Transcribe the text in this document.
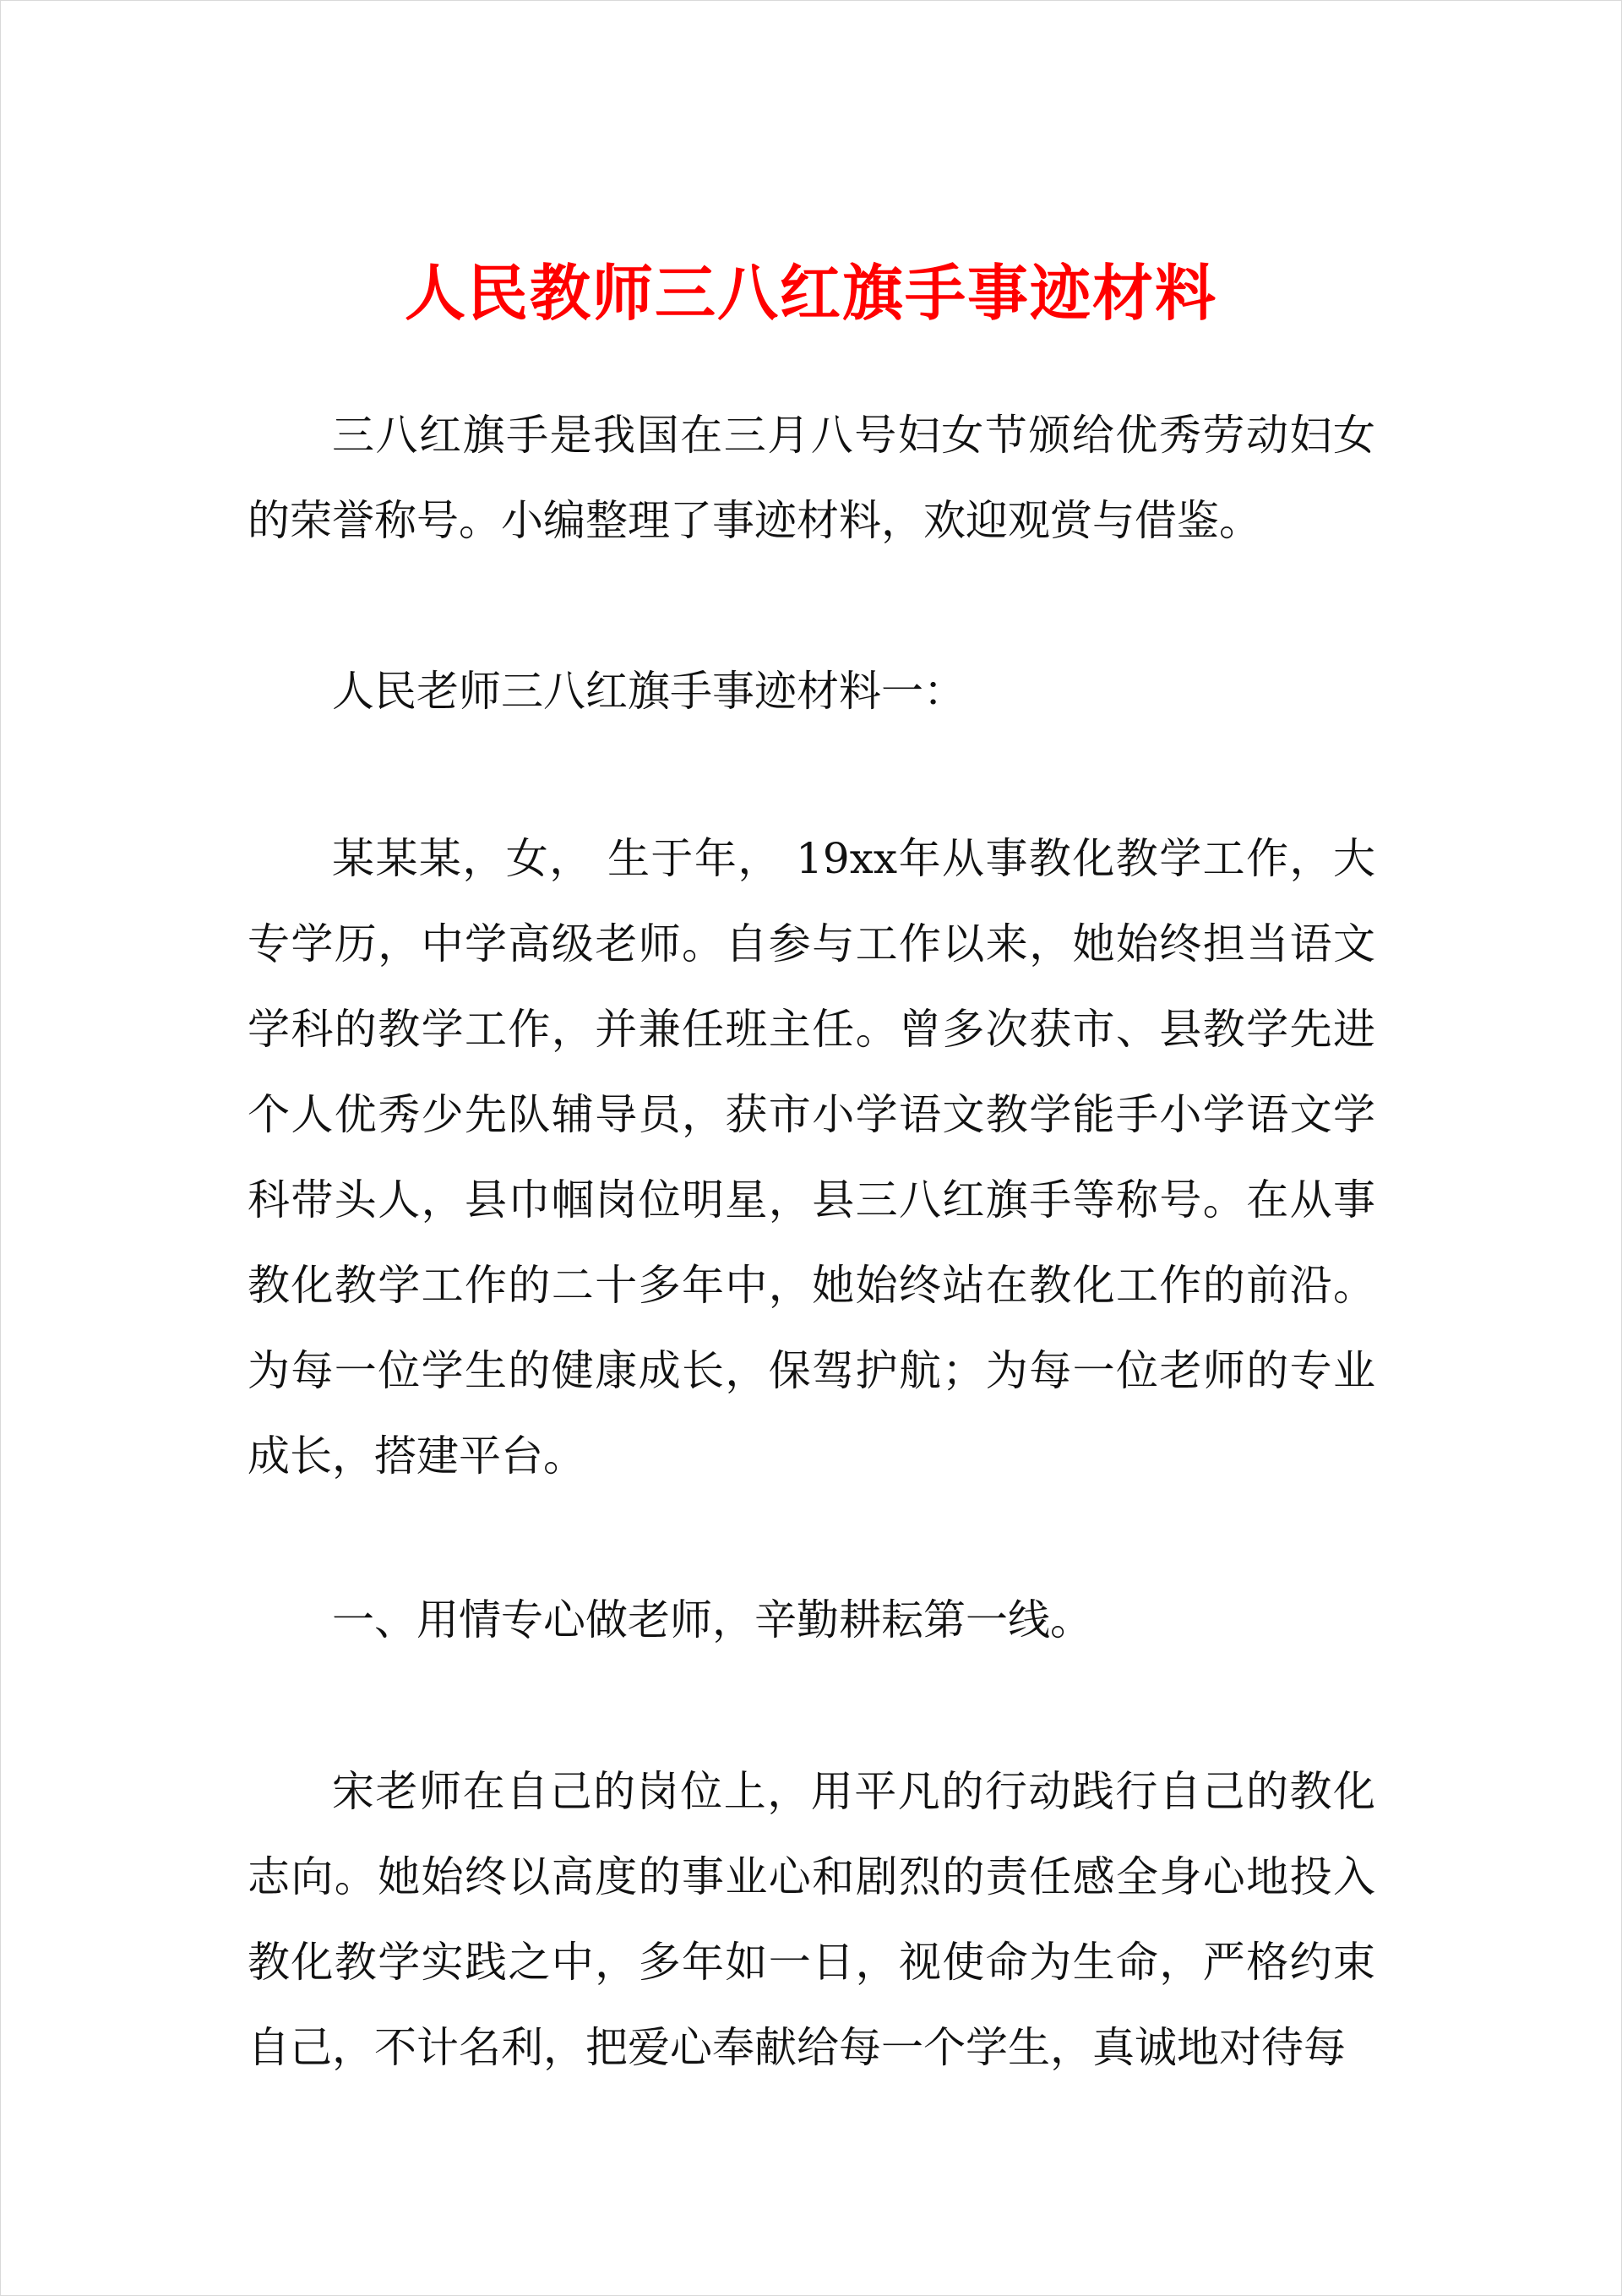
人民教师三八红旗手事迹材料

三八红旗手是我国在三月八号妇女节颁给优秀劳动妇女的荣誉称号。小编整理了事迹材料，欢迎观赏与借鉴。

人民老师三八红旗手事迹材料一：

某某某，女， 生于年， 19xx年从事教化教学工作，大专学历，中学高级老师。自参与工作以来，她始终担当语文学科的教学工作，并兼任班主任。曾多次获市、县教学先进个人优秀少先队辅导员，获市小学语文教学能手小学语文学科带头人，县巾帼岗位明星，县三八红旗手等称号。在从事教化教学工作的二十多年中，她始终站在教化工作的前沿。为每一位学生的健康成长，保驾护航；为每一位老师的专业成长，搭建平台。

一、用情专心做老师，辛勤耕耘第一线。

宋老师在自己的岗位上，用平凡的行动践行自己的教化志向。她始终以高度的事业心和剧烈的责任感全身心地投入教化教学实践之中，多年如一日，视使命为生命，严格约束自己，不计名利，把爱心奉献给每一个学生，真诚地对待每
